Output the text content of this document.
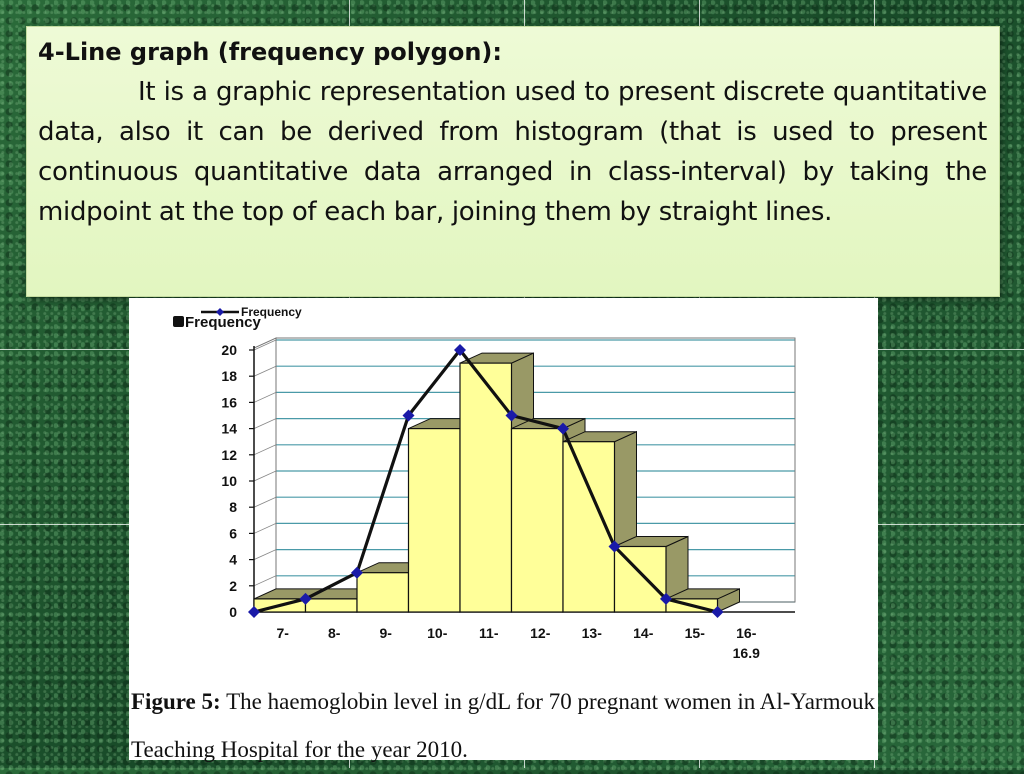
4-Line graph (frequency polygon):

It is a graphic representation used to present discrete quantitative data, also it can be derived from histogram (that is used to present continuous quantitative data arranged in class-interval) by taking the midpoint at the top of each bar, joining them by straight lines.

0
2
4
6
8
10
12
14
16
18
20
7-	8-	9-	10- 11- 12- 13- 14- 15- 16-
16.9
Frequency
Frequency
Figure 5: The haemoglobin level in g/dL for 70 pregnant women in Al-Yarmouk Teaching Hospital for the year 2010.
